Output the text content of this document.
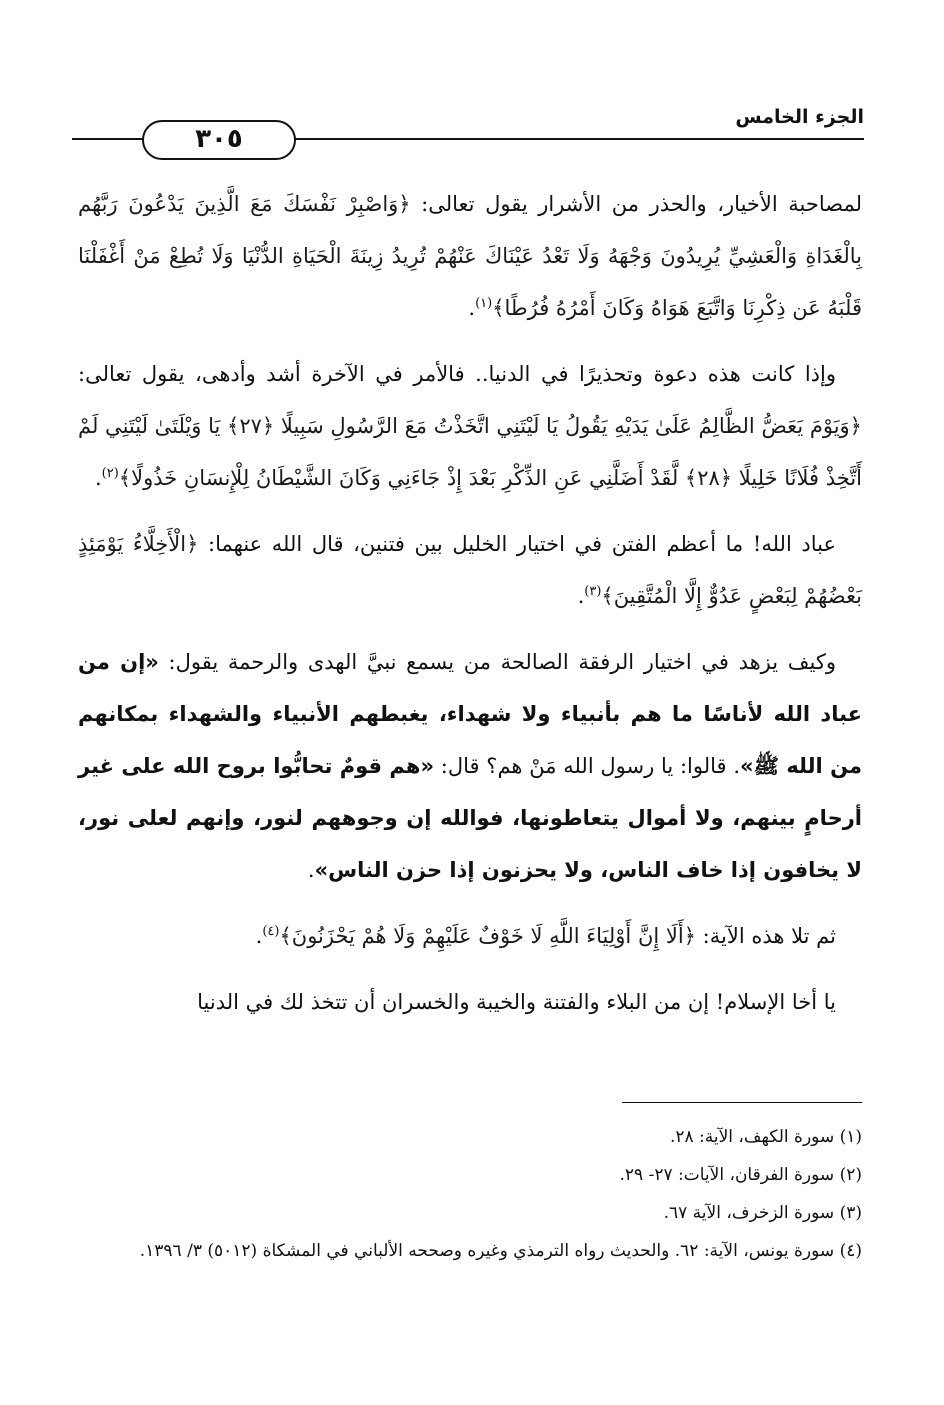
الجزء الخامس
٣٠٥

لمصاحبة الأخيار، والحذر من الأشرار يقول تعالى: ﴿وَاصْبِرْ نَفْسَكَ مَعَ الَّذِينَ يَدْعُونَ رَبَّهُم بِالْغَدَاةِ وَالْعَشِيِّ يُرِيدُونَ وَجْهَهُ وَلَا تَعْدُ عَيْنَاكَ عَنْهُمْ تُرِيدُ زِينَةَ الْحَيَاةِ الدُّنْيَا وَلَا تُطِعْ مَنْ أَغْفَلْنَا قَلْبَهُ عَن ذِكْرِنَا وَاتَّبَعَ هَوَاهُ وَكَانَ أَمْرُهُ فُرُطًا﴾$^{(١)}$.

وإذا كانت هذه دعوة وتحذيرًا في الدنيا.. فالأمر في الآخرة أشد وأدهى، يقول تعالى: ﴿وَيَوْمَ يَعَضُّ الظَّالِمُ عَلَىٰ يَدَيْهِ يَقُولُ يَا لَيْتَنِي اتَّخَذْتُ مَعَ الرَّسُولِ سَبِيلًا ﴿٢٧﴾ يَا وَيْلَتَىٰ لَيْتَنِي لَمْ أَتَّخِذْ فُلَانًا خَلِيلًا ﴿٢٨﴾ لَّقَدْ أَضَلَّنِي عَنِ الذِّكْرِ بَعْدَ إِذْ جَاءَنِي وَكَانَ الشَّيْطَانُ لِلْإِنسَانِ خَذُولًا﴾$^{(٢)}$.

عباد الله! ما أعظم الفتن في اختيار الخليل بين فتنين، قال الله عنهما: ﴿الْأَخِلَّاءُ يَوْمَئِذٍ بَعْضُهُمْ لِبَعْضٍ عَدُوٌّ إِلَّا الْمُتَّقِينَ﴾$^{(٣)}$.

وكيف يزهد في اختيار الرفقة الصالحة من يسمع نبيَّ الهدى والرحمة يقول: «إن من عباد الله لأناسًا ما هم بأنبياء ولا شهداء، يغبطهم الأنبياء والشهداء بمكانهم من الله ﷺ». قالوا: يا رسول الله مَنْ هم؟ قال: «هم قومٌ تحابُّوا بروح الله على غير أرحامٍ بينهم، ولا أموال يتعاطونها، فوالله إن وجوههم لنور، وإنهم لعلى نور، لا يخافون إذا خاف الناس، ولا يحزنون إذا حزن الناس».

ثم تلا هذه الآية: ﴿أَلَا إِنَّ أَوْلِيَاءَ اللَّهِ لَا خَوْفٌ عَلَيْهِمْ وَلَا هُمْ يَحْزَنُونَ﴾$^{(٤)}$.

يا أخا الإسلام! إن من البلاء والفتنة والخيبة والخسران أن تتخذ لك في الدنيا

(١) سورة الكهف، الآية: ٢٨.

(٢) سورة الفرقان، الآيات: ٢٧- ٢٩.

(٣) سورة الزخرف، الآية ٦٧.

(٤) سورة يونس، الآية: ٦٢. والحديث رواه الترمذي وغيره وصححه الألباني في المشكاة (٥٠١٢) ٣/ ١٣٩٦.
